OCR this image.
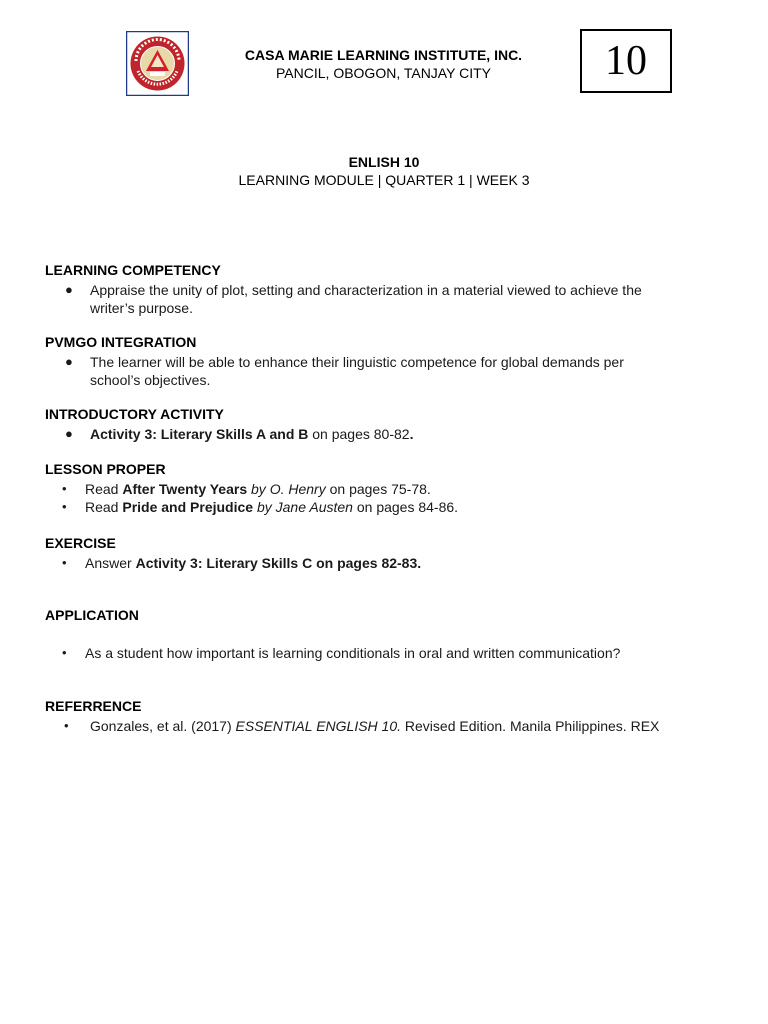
CASA MARIE LEARNING INSTITUTE, INC.
PANCIL, OBOGON, TANJAY CITY	10
ENLISH 10
LEARNING MODULE | QUARTER 1 | WEEK 3
LEARNING COMPETENCY
● Appraise the unity of plot, setting and characterization in a material viewed to achieve the
writer’s purpose.
PVMGO INTEGRATION
● The learner will be able to enhance their linguistic competence for global demands per
school’s objectives.
INTRODUCTORY ACTIVITY
● Activity 3: Literary Skills A and B on pages 80-82.
LESSON PROPER
• Read After Twenty Years by O. Henry on pages 75-78.
• Read Pride and Prejudice by Jane Austen on pages 84-86.
EXERCISE
• Answer Activity 3: Literary Skills C on pages 82-83.
APPLICATION
• As a student how important is learning conditionals in oral and written communication?
REFERRENCE
• Gonzales, et al. (2017) ESSENTIAL ENGLISH 10. Revised Edition. Manila Philippines. REX
